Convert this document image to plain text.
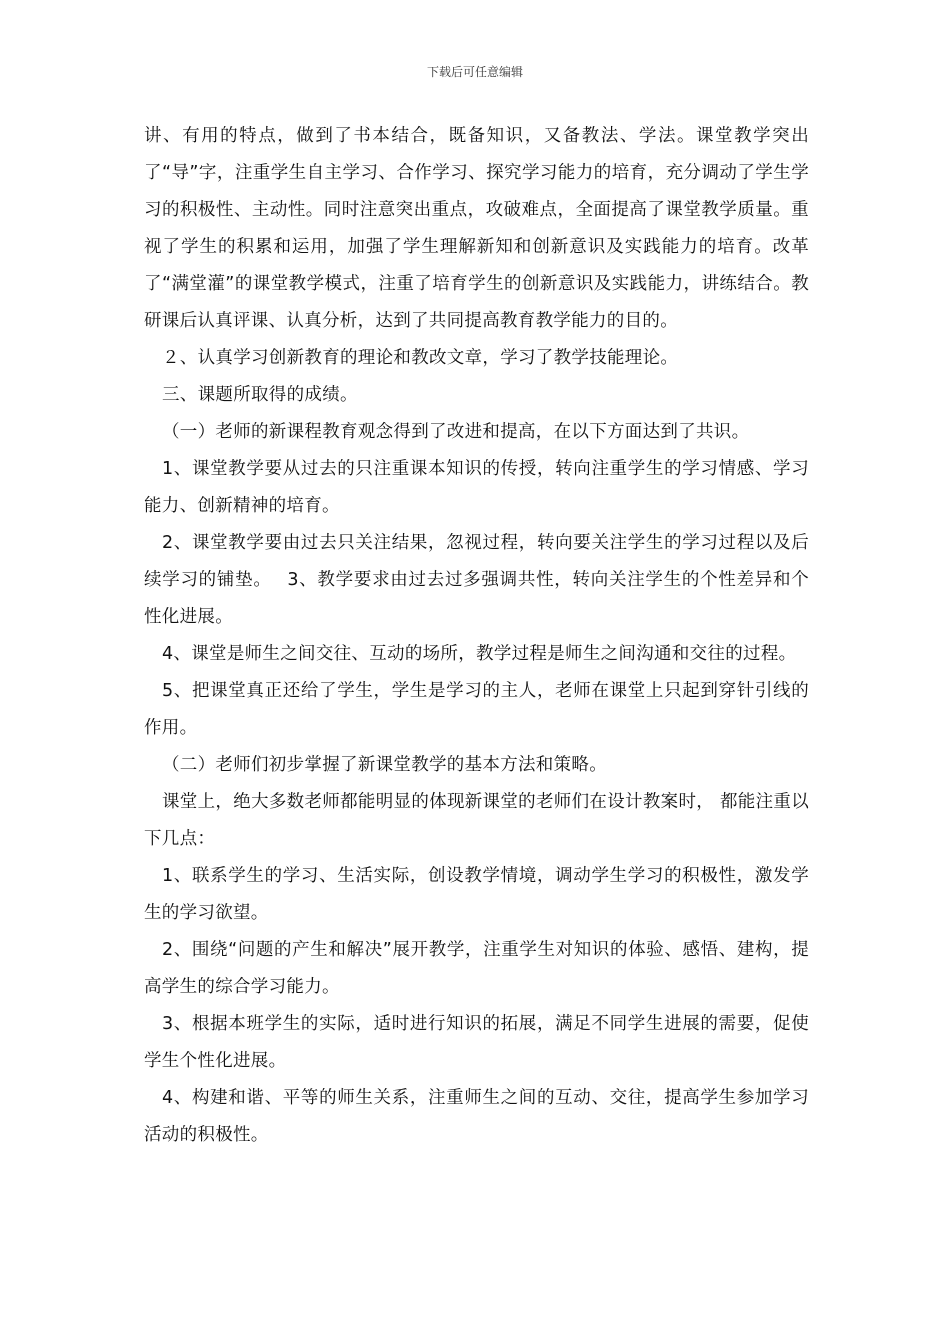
下载后可任意编辑

讲、有用的特点，做到了书本结合，既备知识，又备教法、学法。课堂教学突出了“导”字，注重学生自主学习、合作学习、探究学习能力的培育，充分调动了学生学习的积极性、主动性。同时注意突出重点，攻破难点，全面提高了课堂教学质量。重视了学生的积累和运用，加强了学生理解新知和创新意识及实践能力的培育。改革了“满堂灌”的课堂教学模式，注重了培育学生的创新意识及实践能力，讲练结合。教研课后认真评课、认真分析，达到了共同提高教育教学能力的目的。

２、认真学习创新教育的理论和教改文章，学习了教学技能理论。

三、课题所取得的成绩。

（一）老师的新课程教育观念得到了改进和提高，在以下方面达到了共识。

1、课堂教学要从过去的只注重课本知识的传授，转向注重学生的学习情感、学习能力、创新精神的培育。

2、课堂教学要由过去只关注结果，忽视过程，转向要关注学生的学习过程以及后续学习的铺垫。　 3、教学要求由过去过多强调共性，转向关注学生的个性差异和个性化进展。

4、课堂是师生之间交往、互动的场所，教学过程是师生之间沟通和交往的过程。

5、把课堂真正还给了学生，学生是学习的主人，老师在课堂上只起到穿针引线的作用。

（二）老师们初步掌握了新课堂教学的基本方法和策略。

课堂上，绝大多数老师都能明显的体现新课堂的老师们在设计教案时， 都能注重以下几点：

1、联系学生的学习、生活实际，创设教学情境，调动学生学习的积极性，激发学生的学习欲望。

2、围绕“问题的产生和解决”展开教学，注重学生对知识的体验、感悟、建构，提高学生的综合学习能力。

3、根据本班学生的实际，适时进行知识的拓展，满足不同学生进展的需要，促使学生个性化进展。

4、构建和谐、平等的师生关系，注重师生之间的互动、交往，提高学生参加学习活动的积极性。
